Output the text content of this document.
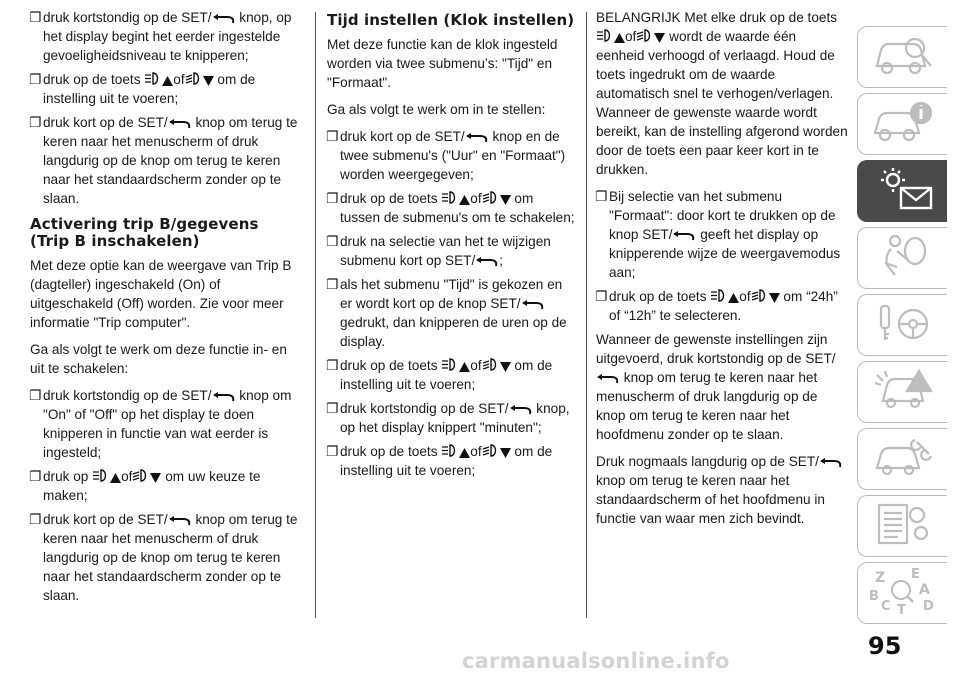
❐ druk kortstondig op de SET/ knop, op het display begint het eerder ingestelde gevoeligheidsniveau te knipperen;
❐ druk op de toets of om de instelling uit te voeren;
❐ druk kort op de SET/ knop om terug te keren naar het menuscherm of druk langdurig op de knop om terug te keren naar het standaardscherm zonder op te slaan.
Activering trip B/gegevens (Trip B inschakelen)

Met deze optie kan de weergave van Trip B (dagteller) ingeschakeld (On) of uitgeschakeld (Off) worden. Zie voor meer informatie "Trip computer".

Ga als volgt te werk om deze functie in- en uit te schakelen:

❐ druk kortstondig op de SET/ knop om "On" of "Off" op het display te doen knipperen in functie van wat eerder is ingesteld;
❐ druk op of om uw keuze te maken;
❐ druk kort op de SET/ knop om terug te keren naar het menuscherm of druk langdurig op de knop om terug te keren naar het standaardscherm zonder op te slaan.
Tijd instellen (Klok instellen)

Met deze functie kan de klok ingesteld worden via twee submenu’s: "Tijd" en "Formaat".

Ga als volgt te werk om in te stellen:

❐ druk kort op de SET/ knop en de twee submenu's ("Uur" en "Formaat") worden weergegeven;
❐ druk op de toets of om tussen de submenu's om te schakelen;
❐ druk na selectie van het te wijzigen submenu kort op SET/ ;
❐ als het submenu "Tijd" is gekozen en er wordt kort op de knop SET/
gedrukt, dan knipperen de uren op de display.
❐ druk op de toets of om de instelling uit te voeren;
❐ druk kortstondig op de SET/ knop, op het display knippert "minuten";
❐ druk op de toets of om de instelling uit te voeren;

BELANGRIJK Met elke druk op de toets
of wordt de waarde één eenheid verhoogd of verlaagd. Houd de toets ingedrukt om de waarde automatisch snel te verhogen/verlagen. Wanneer de gewenste waarde wordt bereikt, kan de instelling afgerond worden door de toets een paar keer kort in te drukken.

❐ Bij selectie van het submenu "Formaat": door kort te drukken op de knop SET/ geeft het display op knipperende wijze de weergavemodus aan;
❐ druk op de toets of om “24h” of “12h” te selecteren.

Wanneer de gewenste instellingen zijn uitgevoerd, druk kortstondig op de SET/
knop om terug te keren naar het menuscherm of druk langdurig op de knop om terug te keren naar het hoofdmenu zonder op te slaan.

Druk nogmaals langdurig op de SET/
knop om terug te keren naar het standaardscherm of het hoofdmenu in functie van waar men zich bevindt.

Z E
A
B
C T D
95
carmanualsonline.info
